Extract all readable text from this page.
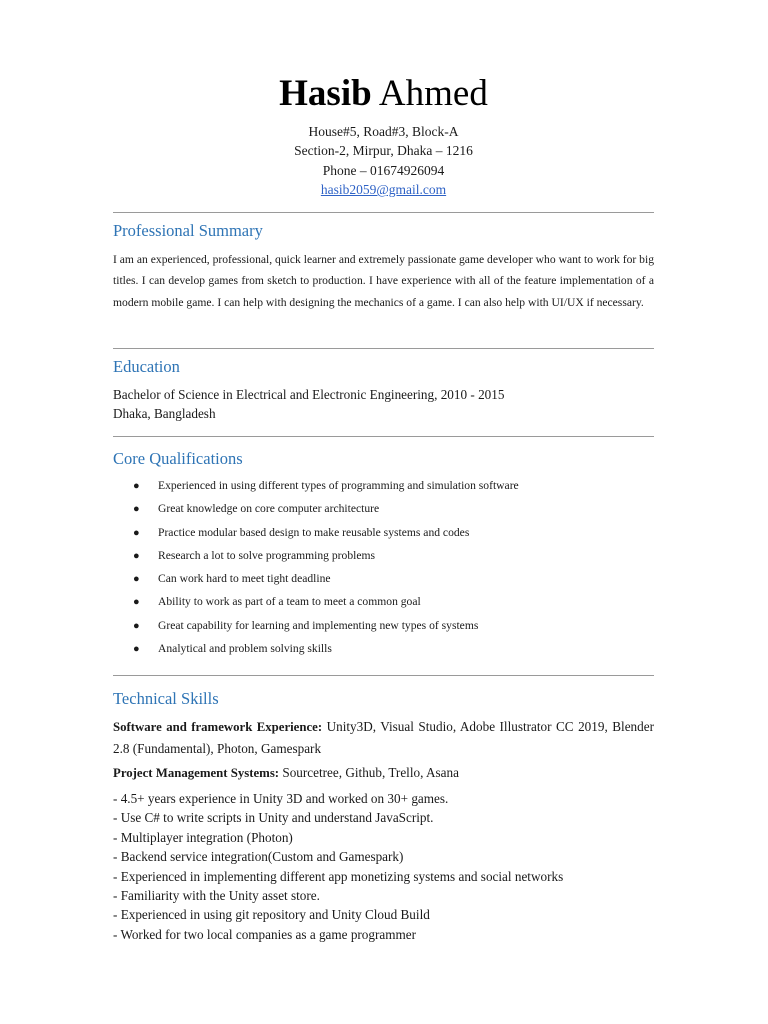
Hasib Ahmed
House#5, Road#3, Block-A
Section-2, Mirpur, Dhaka – 1216
Phone – 01674926094
hasib2059@gmail.com
Professional Summary
I am an experienced, professional, quick learner and extremely passionate game developer who want to work for big titles. I can develop games from sketch to production. I have experience with all of the feature implementation of a modern mobile game. I can help with designing the mechanics of a game. I can also help with UI/UX if necessary.
Education
Bachelor of Science in Electrical and Electronic Engineering, 2010 - 2015
Dhaka, Bangladesh
Core Qualifications
● Experienced in using different types of programming and simulation software
● Great knowledge on core computer architecture
● Practice modular based design to make reusable systems and codes
● Research a lot to solve programming problems
● Can work hard to meet tight deadline
● Ability to work as part of a team to meet a common goal
● Great capability for learning and implementing new types of systems
● Analytical and problem solving skills
Technical Skills
Software and framework Experience: Unity3D, Visual Studio, Adobe Illustrator CC 2019, Blender 2.8 (Fundamental), Photon, Gamespark
Project Management Systems: Sourcetree, Github, Trello, Asana
- 4.5+ years experience in Unity 3D and worked on 30+ games.
- Use C# to write scripts in Unity and understand JavaScript.
- Multiplayer integration (Photon)
- Backend service integration(Custom and Gamespark)
- Experienced in implementing different app monetizing systems and social networks
- Familiarity with the Unity asset store.
- Experienced in using git repository and Unity Cloud Build
- Worked for two local companies as a game programmer
